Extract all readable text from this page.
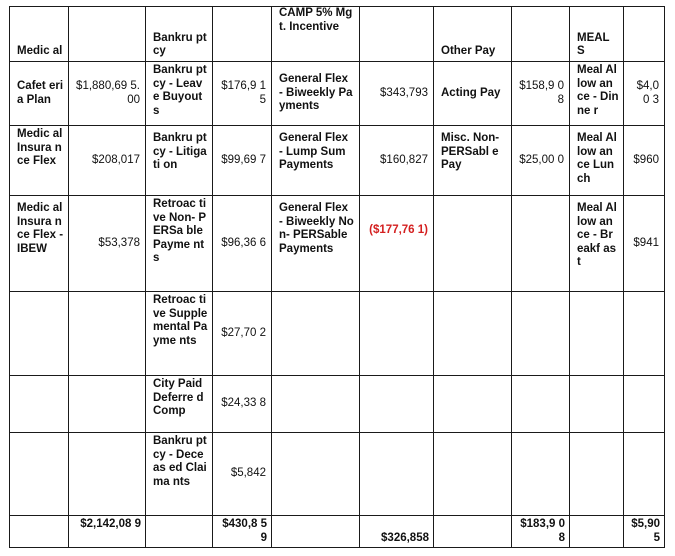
Medic al		Bankru ptcy		CAMP 5% Mgt. Incentive		Other Pay		MEAL S	
Cafet eria Plan	$1,880,69 5.00	Bankru ptcy - Leave Buyout s	$176,9 15	General Flex - Biweekly Payments	$343,793	Acting Pay	$158,9 08	Meal Allow ance - Dinne r	$4,00 3
Medic al Insura nce Flex	$208,017	Bankru ptcy - Litigati on	$99,69 7	General Flex - Lump Sum Payments	$160,827	Misc. Non- PERSabl e Pay	$25,00 0	Meal Allow ance Lunch	$960
Medic al Insura nce Flex -IBEW	$53,378	Retroac tive Non- PERSa ble Payme nts	$96,36 6	General Flex - Biweekly Non- PERSable Payments	($177,76 1)			Meal Allow ance - Breakf ast	$941
		Retroac tive Supple mental Payme nts	$27,70 2						
		City Paid Deferre d Comp	$24,33 8						
		Bankru ptcy - Deceas ed Claima nts	$5,842						
	$2,142,08 9		$430,8 59		$326,858		$183,9 08		$5,90 5
